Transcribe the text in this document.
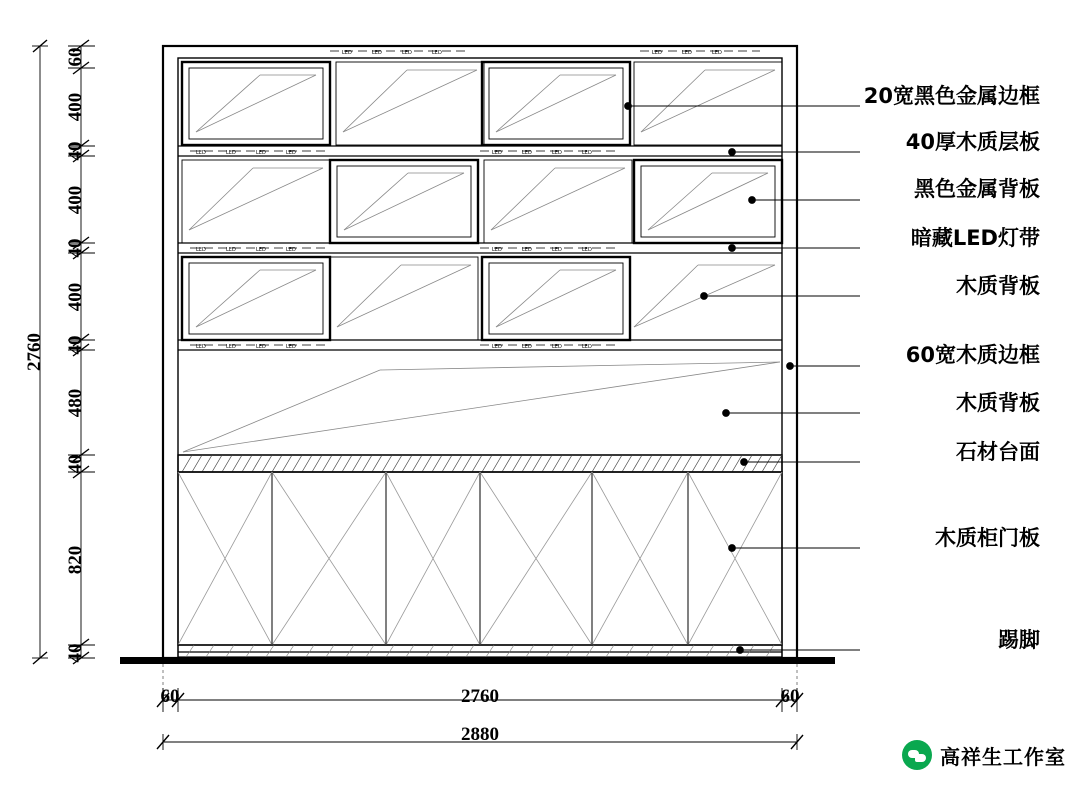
LED	LED	LED	LED	LED	LED	LED
LED	LED	LED	LED	LED	LED	LED	LED
LED	LED	LED	LED	LED	LED	LED	LED
LED	LED	LED	LED	LED	LED	LED	LED
60
400
40
400
40
400
40
480
40
820
40
2760
60	2760	60
2880
20宽黑色金属边框
40厚木质层板
黑色金属背板
暗藏LED灯带
木质背板
60宽木质边框
木质背板
石材台面
木质柜门板
踢脚
高祥生工作室
